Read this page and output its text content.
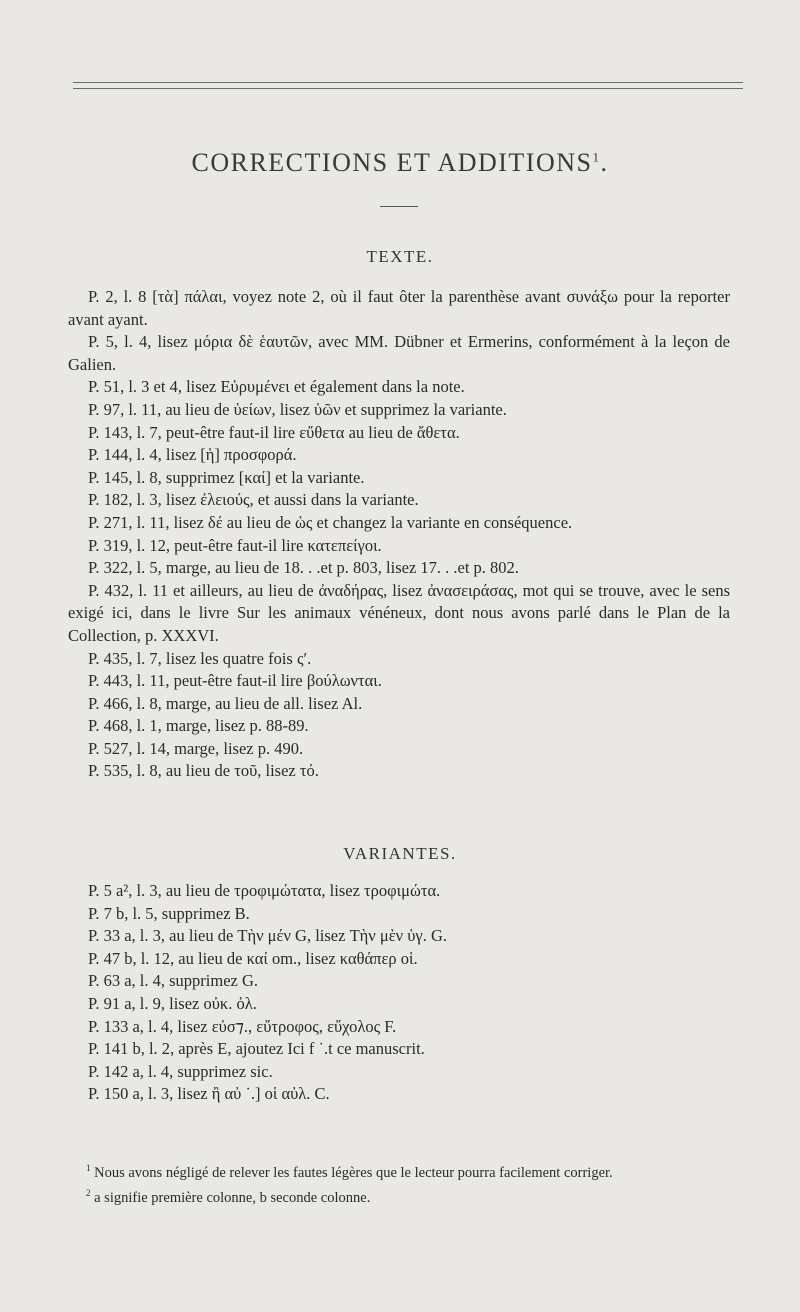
CORRECTIONS ET ADDITIONS$^1$.
TEXTE.

P. 2, l. 8 [τὰ] πάλαι, voyez note 2, où il faut ôter la parenthèse avant συνάξω pour la reporter avant ayant.

P. 5, l. 4, lisez μόρια δὲ ἑαυτῶν, avec MM. Dübner et Ermerins, conformément à la leçon de Galien.

P. 51, l. 3 et 4, lisez Εὐρυμένει et également dans la note.

P. 97, l. 11, au lieu de ὑείων, lisez ὑῶν et supprimez la variante.

P. 143, l. 7, peut-être faut-il lire εὔθετα au lieu de ἄθετα.

P. 144, l. 4, lisez [ἡ] προσφορά.

P. 145, l. 8, supprimez [καί] et la variante.

P. 182, l. 3, lisez ἐλειούς, et aussi dans la variante.

P. 271, l. 11, lisez δέ au lieu de ὡς et changez la variante en conséquence.

P. 319, l. 12, peut-être faut-il lire κατεπείγοι.

P. 322, l. 5, marge, au lieu de 18. . .et p. 803, lisez 17. . .et p. 802.

P. 432, l. 11 et ailleurs, au lieu de ἀναδήρας, lisez ἀνασειράσας, mot qui se trouve, avec le sens exigé ici, dans le livre Sur les animaux vénéneux, dont nous avons parlé dans le Plan de la Collection, p. XXXVI.

P. 435, l. 7, lisez les quatre fois ς′.

P. 443, l. 11, peut-être faut-il lire βούλωνται.

P. 466, l. 8, marge, au lieu de all. lisez Al.

P. 468, l. 1, marge, lisez p. 88-89.

P. 527, l. 14, marge, lisez p. 490.

P. 535, l. 8, au lieu de τοῦ, lisez τό.

VARIANTES.

P. 5 a², l. 3, au lieu de τροφιμώτατα, lisez τροφιμώτα.

P. 7 b, l. 5, supprimez B.

P. 33 a, l. 3, au lieu de Τὴν μέν G, lisez Τὴν μὲν ὑγ. G.

P. 47 b, l. 12, au lieu de καί om., lisez καθάπερ οἱ.

P. 63 a, l. 4, supprimez G.

P. 91 a, l. 9, lisez οὐκ. ὀλ.

P. 133 a, l. 4, lisez εὐσ⁊., εὔτροφος, εὔχολος F.

P. 141 b, l. 2, après E, ajoutez Ici f ˙.t ce manuscrit.

P. 142 a, l. 4, supprimez sic.

P. 150 a, l. 3, lisez ἢ αὐ ˙.] οἱ αὐλ. C.

$^1$ Nous avons négligé de relever les fautes légères que le lecteur pourra facilement corriger.

$^2$ a signifie première colonne, b seconde colonne.
